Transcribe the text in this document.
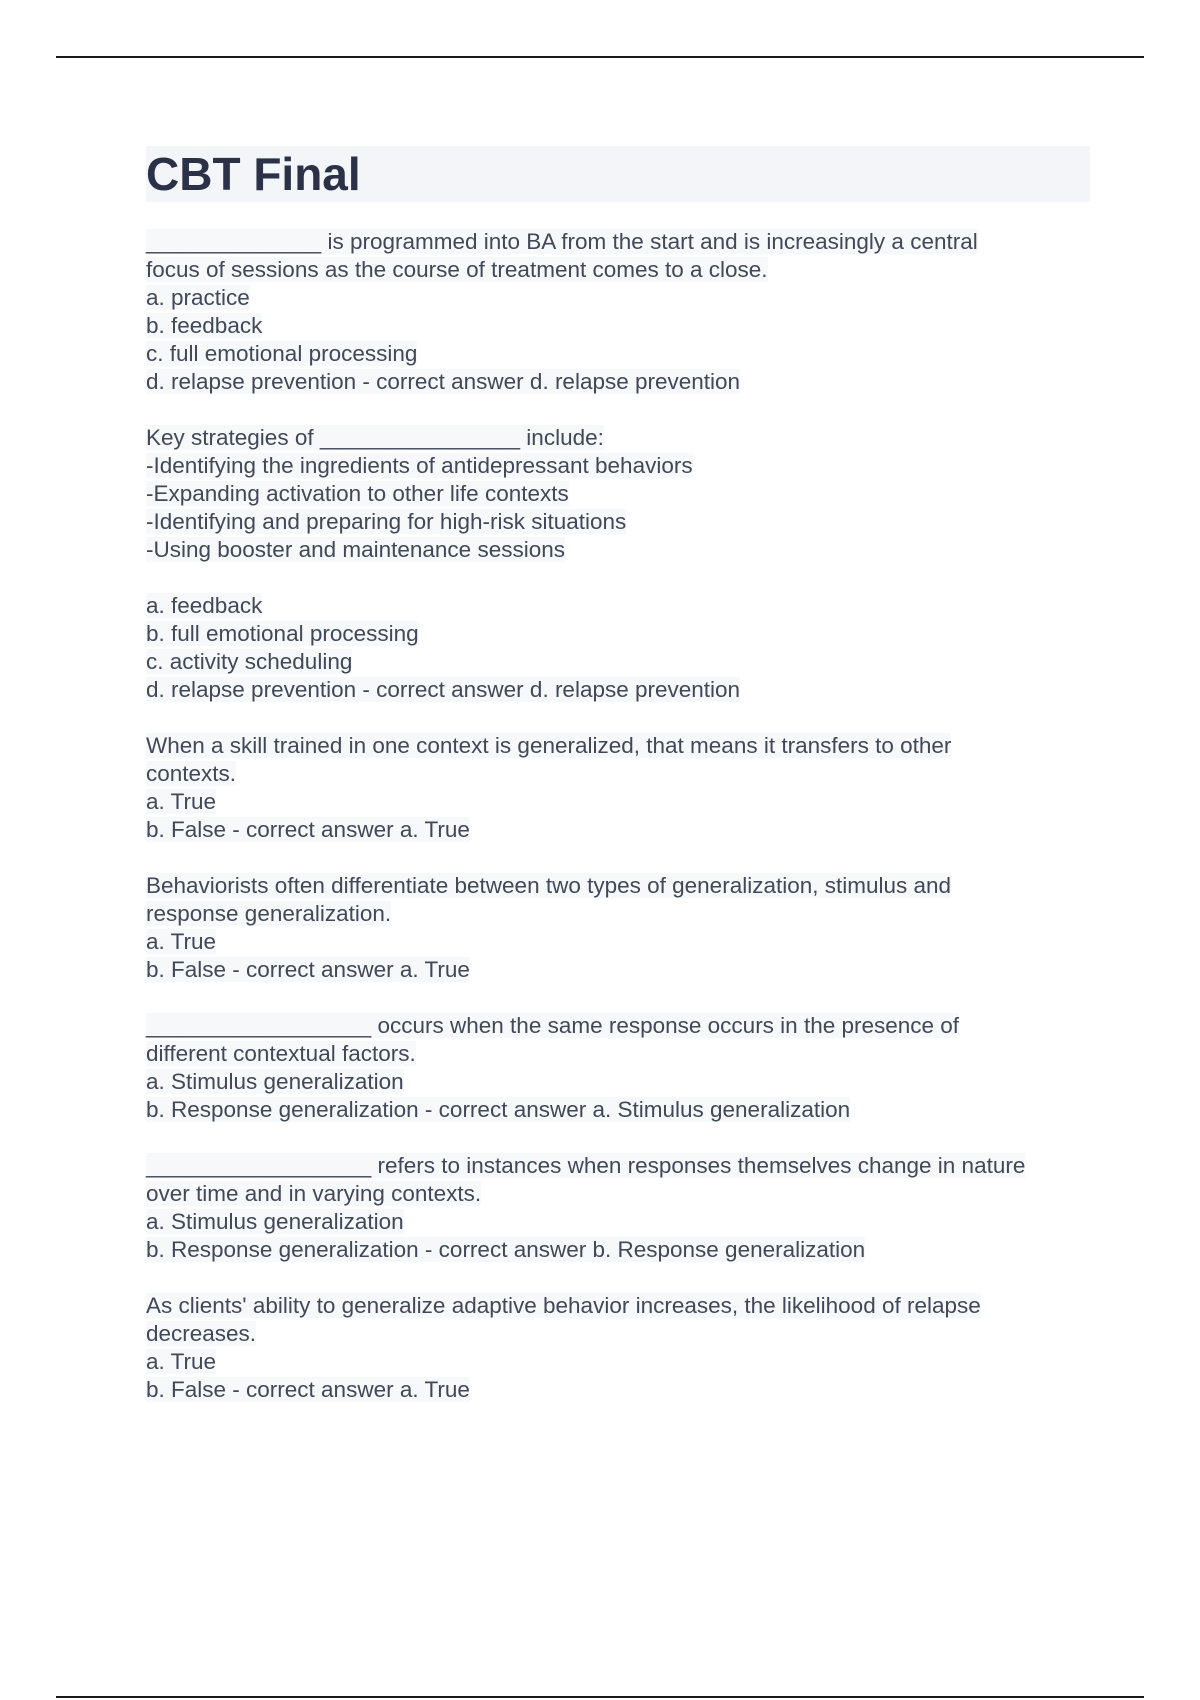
CBT Final
______________ is programmed into BA from the start and is increasingly a central
focus of sessions as the course of treatment comes to a close.
a. practice
b. feedback
c. full emotional processing
d. relapse prevention - correct answer d. relapse prevention
Key strategies of ________________ include:
-Identifying the ingredients of antidepressant behaviors
-Expanding activation to other life contexts
-Identifying and preparing for high-risk situations
-Using booster and maintenance sessions
a. feedback
b. full emotional processing
c. activity scheduling
d. relapse prevention - correct answer d. relapse prevention
When a skill trained in one context is generalized, that means it transfers to other
contexts.
a. True
b. False - correct answer a. True
Behaviorists often differentiate between two types of generalization, stimulus and
response generalization.
a. True
b. False - correct answer a. True
__________________ occurs when the same response occurs in the presence of
different contextual factors.
a. Stimulus generalization
b. Response generalization - correct answer a. Stimulus generalization
__________________ refers to instances when responses themselves change in nature
over time and in varying contexts.
a. Stimulus generalization
b. Response generalization - correct answer b. Response generalization
As clients' ability to generalize adaptive behavior increases, the likelihood of relapse
decreases.
a. True
b. False - correct answer a. True
